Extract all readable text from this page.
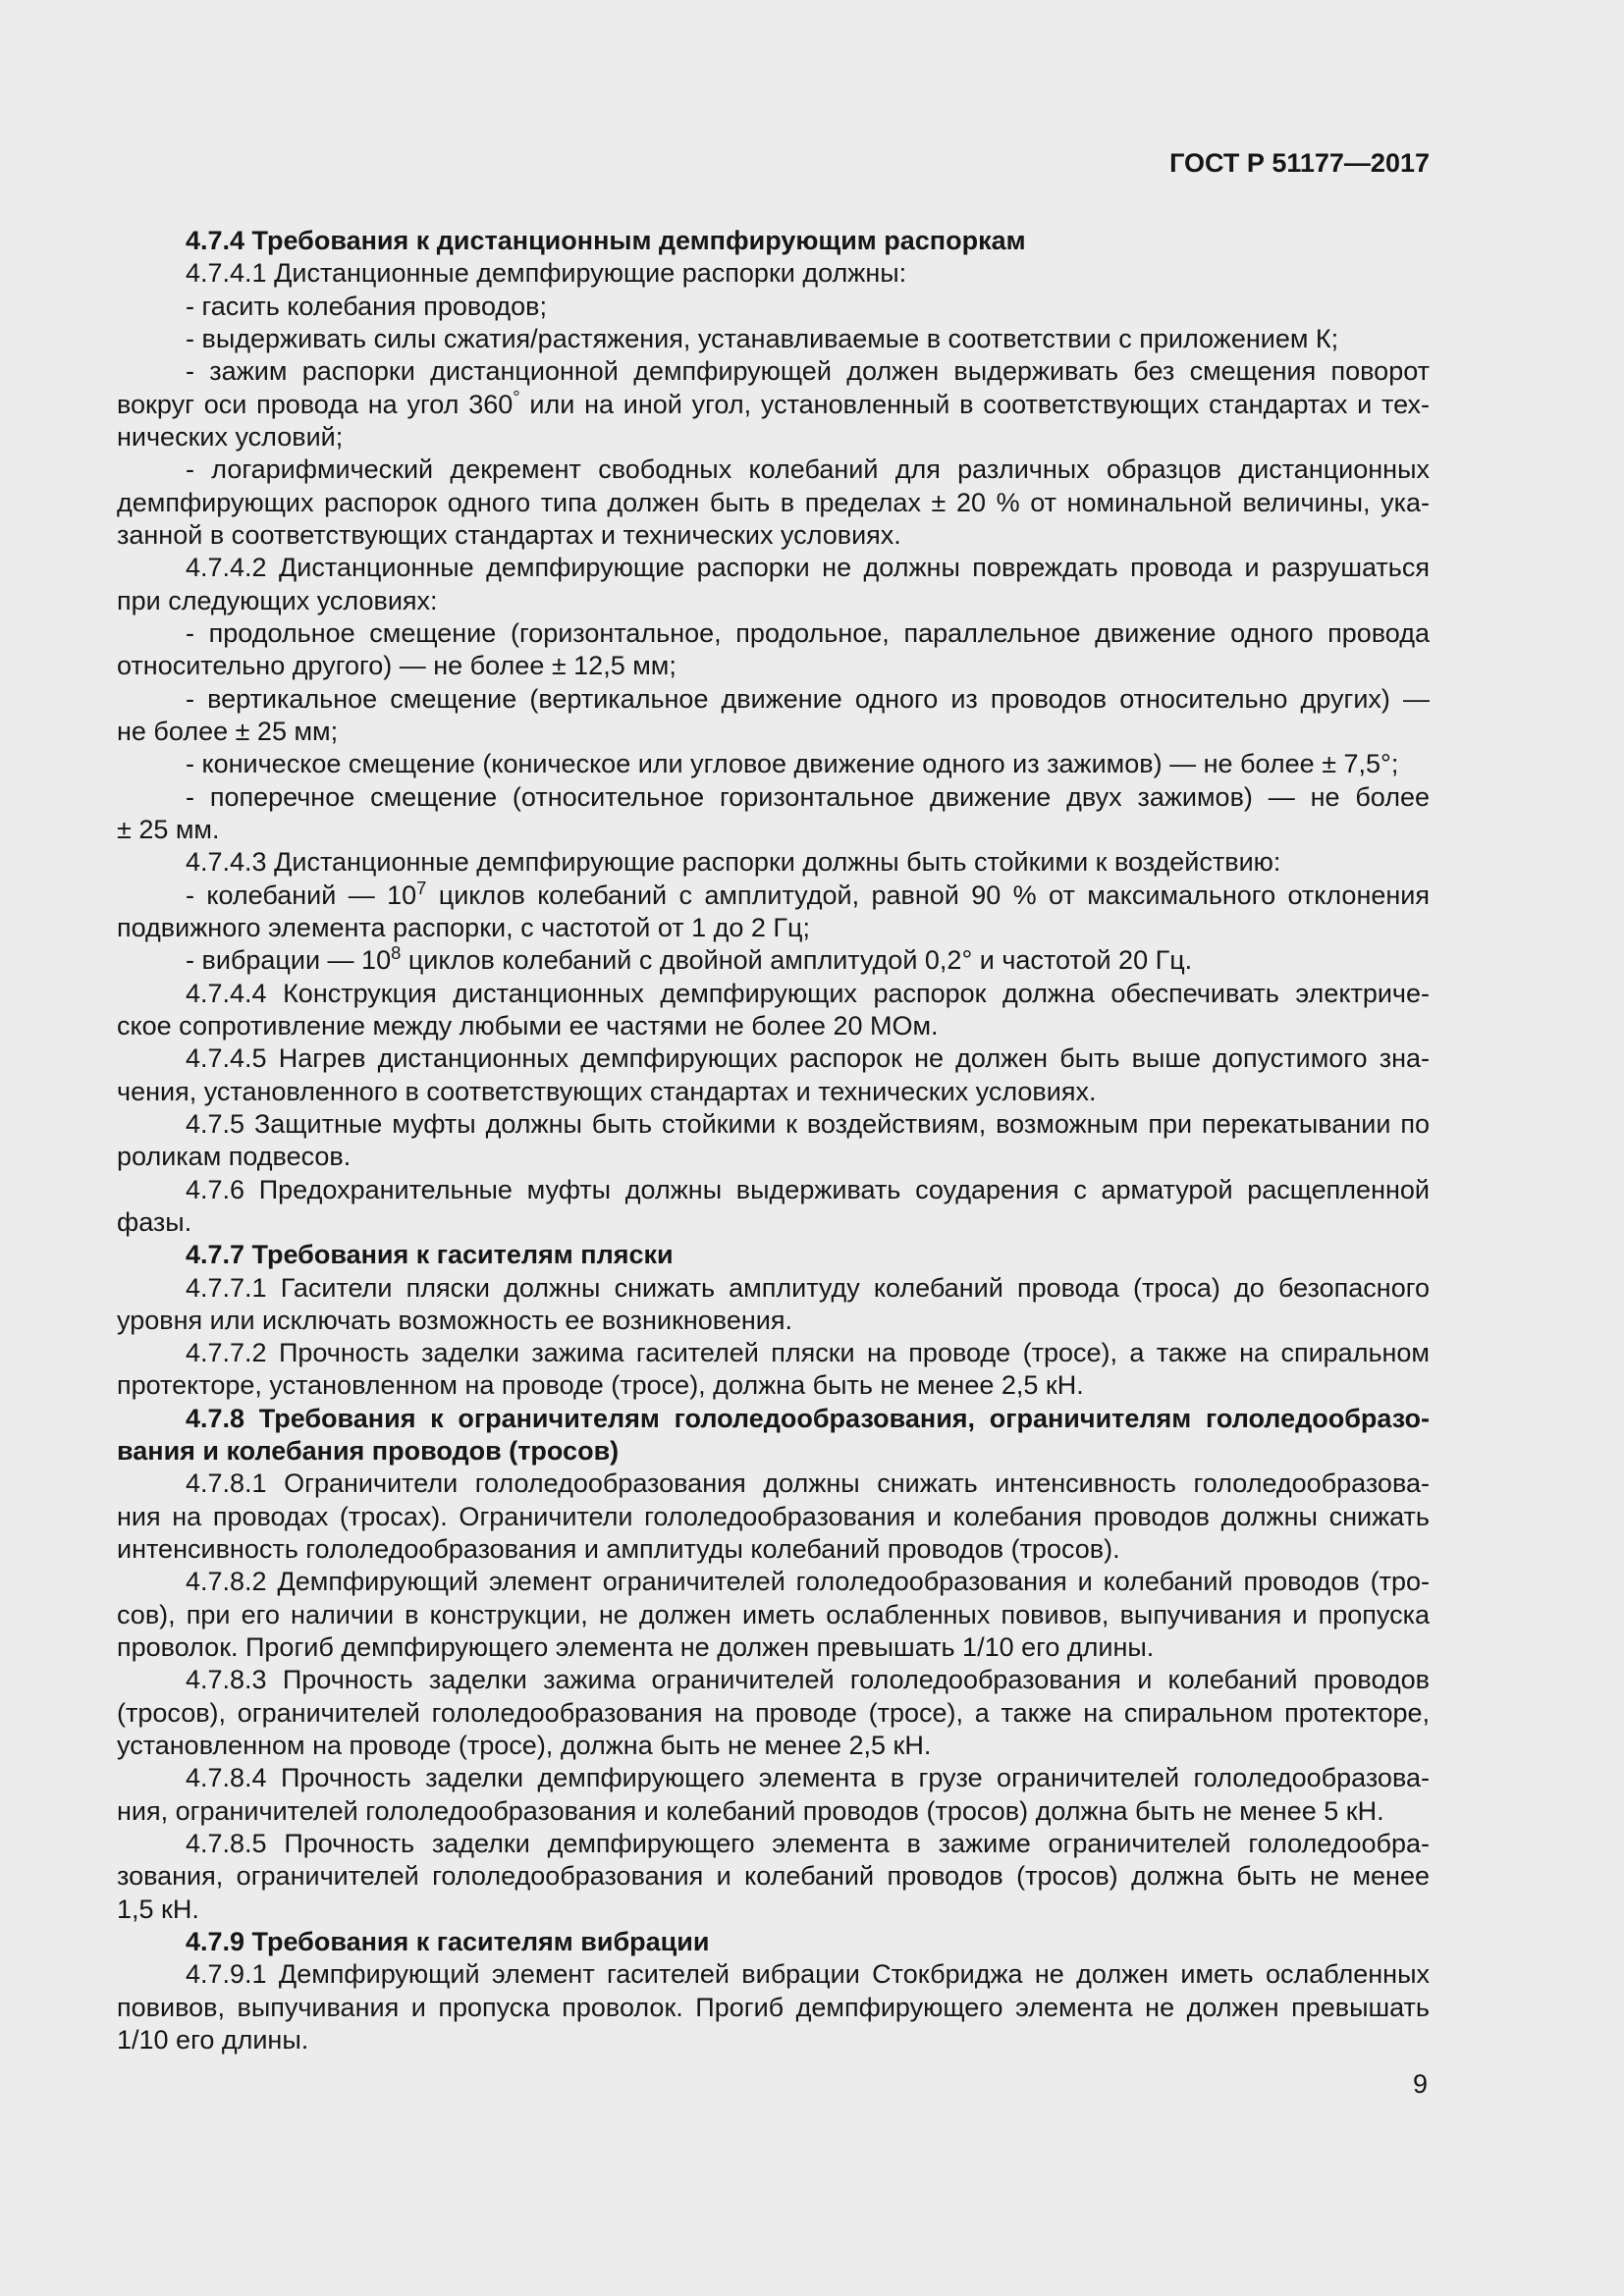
ГОСТ Р 51177—2017
4.7.4 Требования к дистанционным демпфирующим распоркам
4.7.4.1 Дистанционные демпфирующие распорки должны:
- гасить колебания проводов;
- выдерживать силы сжатия/растяжения, устанавливаемые в соответствии с приложением К;
- зажим распорки дистанционной демпфирующей должен выдерживать без смещения поворот
вокруг оси провода на угол 360° или на иной угол, установленный в соответствующих стандартах и тех-
нических условий;
- логарифмический декремент свободных колебаний для различных образцов дистанционных
демпфирующих распорок одного типа должен быть в пределах ± 20 % от номинальной величины, ука-
занной в соответствующих стандартах и технических условиях.
4.7.4.2 Дистанционные демпфирующие распорки не должны повреждать провода и разрушаться
при следующих условиях:
- продольное смещение (горизонтальное, продольное, параллельное движение одного провода
относительно другого) — не более ± 12,5 мм;
- вертикальное смещение (вертикальное движение одного из проводов относительно других) —
не более ± 25 мм;
- коническое смещение (коническое или угловое движение одного из зажимов) — не более ± 7,5°;
- поперечное смещение (относительное горизонтальное движение двух зажимов) — не более
± 25 мм.
4.7.4.3 Дистанционные демпфирующие распорки должны быть стойкими к воздействию:
- колебаний — $10^7$ циклов колебаний с амплитудой, равной 90 % от максимального отклонения
подвижного элемента распорки, с частотой от 1 до 2 Гц;
- вибрации — $10^8$ циклов колебаний с двойной амплитудой 0,2° и частотой 20 Гц.
4.7.4.4 Конструкция дистанционных демпфирующих распорок должна обеспечивать электриче-
ское сопротивление между любыми ее частями не более 20 МОм.
4.7.4.5 Нагрев дистанционных демпфирующих распорок не должен быть выше допустимого зна-
чения, установленного в соответствующих стандартах и технических условиях.
4.7.5 Защитные муфты должны быть стойкими к воздействиям, возможным при перекатывании по
роликам подвесов.
4.7.6 Предохранительные муфты должны выдерживать соударения с арматурой расщепленной
фазы.
4.7.7 Требования к гасителям пляски
4.7.7.1 Гасители пляски должны снижать амплитуду колебаний провода (троса) до безопасного
уровня или исключать возможность ее возникновения.
4.7.7.2 Прочность заделки зажима гасителей пляски на проводе (тросе), а также на спиральном
протекторе, установленном на проводе (тросе), должна быть не менее 2,5 кН.
4.7.8 Требования к ограничителям гололедообразования, ограничителям гололедообразо-
вания и колебания проводов (тросов)
4.7.8.1 Ограничители гололедообразования должны снижать интенсивность гололедообразова-
ния на проводах (тросах). Ограничители гололедообразования и колебания проводов должны снижать
интенсивность гололедообразования и амплитуды колебаний проводов (тросов).
4.7.8.2 Демпфирующий элемент ограничителей гололедообразования и колебаний проводов (тро-
сов), при его наличии в конструкции, не должен иметь ослабленных повивов, выпучивания и пропуска
проволок. Прогиб демпфирующего элемента не должен превышать 1/10 его длины.
4.7.8.3 Прочность заделки зажима ограничителей гололедообразования и колебаний проводов
(тросов), ограничителей гололедообразования на проводе (тросе), а также на спиральном протекторе,
установленном на проводе (тросе), должна быть не менее 2,5 кН.
4.7.8.4 Прочность заделки демпфирующего элемента в грузе ограничителей гололедообразова-
ния, ограничителей гололедообразования и колебаний проводов (тросов) должна быть не менее 5 кН.
4.7.8.5 Прочность заделки демпфирующего элемента в зажиме ограничителей гололедообра-
зования, ограничителей гололедообразования и колебаний проводов (тросов) должна быть не менее
1,5 кН.
4.7.9 Требования к гасителям вибрации
4.7.9.1 Демпфирующий элемент гасителей вибрации Стокбриджа не должен иметь ослабленных
повивов, выпучивания и пропуска проволок. Прогиб демпфирующего элемента не должен превышать
1/10 его длины.
9
